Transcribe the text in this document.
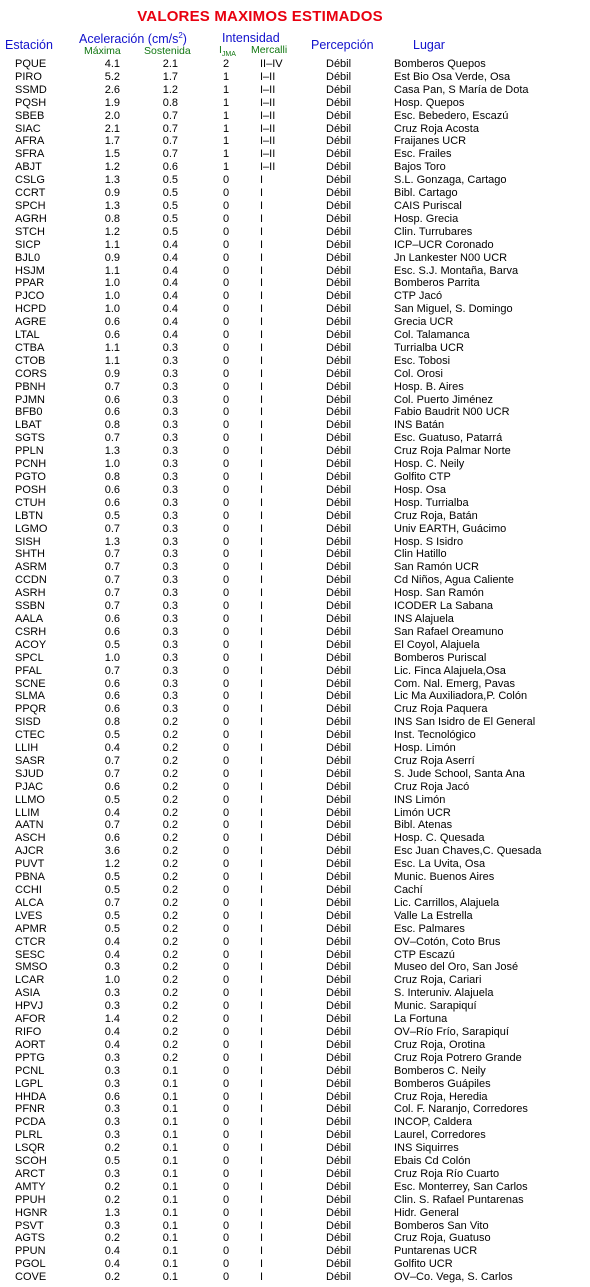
VALORES MAXIMOS ESTIMADOS
Estación Aceleración $(cm/s^2)$
Máxima Sostenida
Intensidad
$I_{JMA}$ Mercalli Percepción	Lugar
PQUE	4.1	2.1	2	II–IV	Débil	Bomberos Quepos
PIRO	5.2	1.7	1	I–II	Débil	Est Bio Osa Verde, Osa
SSMD	2.6	1.2	1	I–II	Débil	Casa Pan, S María de Dota
PQSH	1.9	0.8	1	I–II	Débil	Hosp. Quepos
SBEB	2.0	0.7	1	I–II	Débil	Esc. Bebedero, Escazú
SIAC	2.1	0.7	1	I–II	Débil	Cruz Roja Acosta
AFRA	1.7	0.7	1	I–II	Débil	Fraijanes UCR
SFRA	1.5	0.7	1	I–II	Débil	Esc. Frailes
ABJT	1.2	0.6	1	I–II	Débil	Bajos Toro
CSLG	1.3	0.5	0	I	Débil	S.L. Gonzaga, Cartago
CCRT	0.9	0.5	0	I	Débil	Bibl. Cartago
SPCH	1.3	0.5	0	I	Débil	CAIS Puriscal
AGRH	0.8	0.5	0	I	Débil	Hosp. Grecia
STCH	1.2	0.5	0	I	Débil	Clin. Turrubares
SICP	1.1	0.4	0	I	Débil	ICP–UCR Coronado
BJL0	0.9	0.4	0	I	Débil	Jn Lankester N00 UCR
HSJM	1.1	0.4	0	I	Débil	Esc. S.J. Montaña, Barva
PPAR	1.0	0.4	0	I	Débil	Bomberos Parrita
PJCO	1.0	0.4	0	I	Débil	CTP Jacó
HCPD	1.0	0.4	0	I	Débil	San Miguel, S. Domingo
AGRE	0.6	0.4	0	I	Débil	Grecia UCR
LTAL	0.6	0.4	0	I	Débil	Col. Talamanca
CTBA	1.1	0.3	0	I	Débil	Turrialba UCR
CTOB	1.1	0.3	0	I	Débil	Esc. Tobosi
CORS	0.9	0.3	0	I	Débil	Col. Orosi
PBNH	0.7	0.3	0	I	Débil	Hosp. B. Aires
PJMN	0.6	0.3	0	I	Débil	Col. Puerto Jiménez
BFB0	0.6	0.3	0	I	Débil	Fabio Baudrit N00 UCR
LBAT	0.8	0.3	0	I	Débil	INS Batán
SGTS	0.7	0.3	0	I	Débil	Esc. Guatuso, Patarrá
PPLN	1.3	0.3	0	I	Débil	Cruz Roja Palmar Norte
PCNH	1.0	0.3	0	I	Débil	Hosp. C. Neily
PGTO	0.8	0.3	0	I	Débil	Golfito CTP
POSH	0.6	0.3	0	I	Débil	Hosp. Osa
CTUH	0.6	0.3	0	I	Débil	Hosp. Turrialba
LBTN	0.5	0.3	0	I	Débil	Cruz Roja, Batán
LGMO	0.7	0.3	0	I	Débil	Univ EARTH, Guácimo
SISH	1.3	0.3	0	I	Débil	Hosp. S Isidro
SHTH	0.7	0.3	0	I	Débil	Clin Hatillo
ASRM	0.7	0.3	0	I	Débil	San Ramón UCR
CCDN	0.7	0.3	0	I	Débil	Cd Niños, Agua Caliente
ASRH	0.7	0.3	0	I	Débil	Hosp. San Ramón
SSBN	0.7	0.3	0	I	Débil	ICODER La Sabana
AALA	0.6	0.3	0	I	Débil	INS Alajuela
CSRH	0.6	0.3	0	I	Débil	San Rafael Oreamuno
ACOY	0.5	0.3	0	I	Débil	El Coyol, Alajuela
SPCL	1.0	0.3	0	I	Débil	Bomberos Puriscal
PFAL	0.7	0.3	0	I	Débil	Lic. Finca Alajuela,Osa
SCNE	0.6	0.3	0	I	Débil	Com. Nal. Emerg, Pavas
SLMA	0.6	0.3	0	I	Débil	Lic Ma Auxiliadora,P. Colón
PPQR	0.6	0.3	0	I	Débil	Cruz Roja Paquera
SISD	0.8	0.2	0	I	Débil	INS San Isidro de El General
CTEC	0.5	0.2	0	I	Débil	Inst. Tecnológico
LLIH	0.4	0.2	0	I	Débil	Hosp. Limón
SASR	0.7	0.2	0	I	Débil	Cruz Roja Aserrí
SJUD	0.7	0.2	0	I	Débil	S. Jude School, Santa Ana
PJAC	0.6	0.2	0	I	Débil	Cruz Roja Jacó
LLMO	0.5	0.2	0	I	Débil	INS Limón
LLIM	0.4	0.2	0	I	Débil	Limón UCR
AATN	0.7	0.2	0	I	Débil	Bibl. Atenas
ASCH	0.6	0.2	0	I	Débil	Hosp. C. Quesada
AJCR	3.6	0.2	0	I	Débil	Esc Juan Chaves,C. Quesada
PUVT	1.2	0.2	0	I	Débil	Esc. La Uvita, Osa
PBNA	0.5	0.2	0	I	Débil	Munic. Buenos Aires
CCHI	0.5	0.2	0	I	Débil	Cachí
ALCA	0.7	0.2	0	I	Débil	Lic. Carrillos, Alajuela
LVES	0.5	0.2	0	I	Débil	Valle La Estrella
APMR	0.5	0.2	0	I	Débil	Esc. Palmares
CTCR	0.4	0.2	0	I	Débil	OV–Cotón, Coto Brus
SESC	0.4	0.2	0	I	Débil	CTP Escazú
SMSO	0.3	0.2	0	I	Débil	Museo del Oro, San José
LCAR	1.0	0.2	0	I	Débil	Cruz Roja, Cariari
ASIA	0.3	0.2	0	I	Débil	S. Interuniv. Alajuela
HPVJ	0.3	0.2	0	I	Débil	Munic. Sarapiquí
AFOR	1.4	0.2	0	I	Débil	La Fortuna
RIFO	0.4	0.2	0	I	Débil	OV–Río Frío, Sarapiquí
AORT	0.4	0.2	0	I	Débil	Cruz Roja, Orotina
PPTG	0.3	0.2	0	I	Débil	Cruz Roja Potrero Grande
PCNL	0.3	0.1	0	I	Débil	Bomberos C. Neily
LGPL	0.3	0.1	0	I	Débil	Bomberos Guápiles
HHDA	0.6	0.1	0	I	Débil	Cruz Roja, Heredia
PFNR	0.3	0.1	0	I	Débil	Col. F. Naranjo, Corredores
PCDA	0.3	0.1	0	I	Débil	INCOP, Caldera
PLRL	0.3	0.1	0	I	Débil	Laurel, Corredores
LSQR	0.2	0.1	0	I	Débil	INS Siquirres
SCOH	0.5	0.1	0	I	Débil	Ebais Cd Colón
ARCT	0.3	0.1	0	I	Débil	Cruz Roja Río Cuarto
AMTY	0.2	0.1	0	I	Débil	Esc. Monterrey, San Carlos
PPUH	0.2	0.1	0	I	Débil	Clin. S. Rafael Puntarenas
HGNR	1.3	0.1	0	I	Débil	Hidr. General
PSVT	0.3	0.1	0	I	Débil	Bomberos San Vito
AGTS	0.2	0.1	0	I	Débil	Cruz Roja, Guatuso
PPUN	0.4	0.1	0	I	Débil	Puntarenas UCR
PGOL	0.4	0.1	0	I	Débil	Golfito UCR
COVE	0.2	0.1	0	I	Débil	OV–Co. Vega, S. Carlos
